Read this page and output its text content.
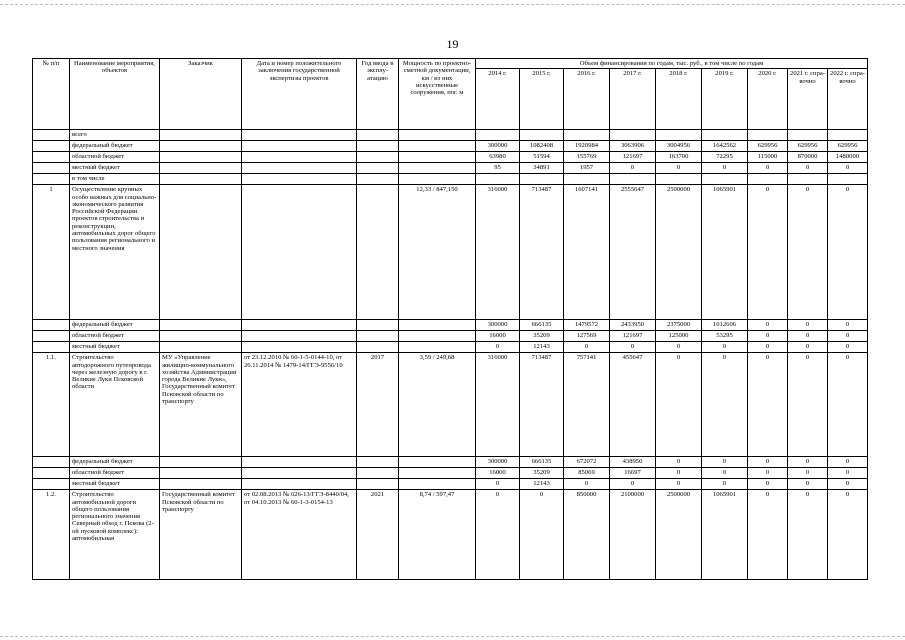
19
№ п/п	Наименование мероприятия, объектов	Заказчик	Дата и номер положительного заключения государственной экспертизы проектов	Год ввода в эксплу-атацию	Мощность по проектно-сметной документации, км / из них искусственные сооружения, пог. м	Объем финансирования по годам, тыс. руб., в том числе по годам								
						2014 г.	2015 г.	2016 г.	2017 г.	2018 г.	2019 г.	2020 г.	2021 г. спра-вочно	2022 г. спра-вочно
	всего													
	федеральный бюджет					300000	1082408	1920984	3063906	3004956	1642562	629956	629956	629956
	областной бюджет					63980	51594	155769	121697	163700	72295	115000	870000	1480000
	местный бюджет					95	34891	1957	0	0	0	0	0	0
	в том числе													
1	Осуществление крупных особо важных для социально-экономического развития Российской Федерации проектов строительства и реконструкции, автомобильных дорог общего пользования регионального и местного значения				12,33 / 847,150	316000	713487	1607141	2555647	2500000	1065901	0	0	0
	федеральный бюджет					300000	666135	1479572	2433950	2375000	1012606	0	0	0
	областной бюджет					16000	35209	127569	121697	125000	53295	0	0	0
	местный бюджет					0	12143	0	0	0	0	0	0	0
1.1.	Строительство автодорожного путепровода через железную дорогу в г. Великие Луки Псковской области	МУ «Управление жилищно-коммунального хозяйства Администрации города Великие Луки», Государственный комитет Псковской области по транспорту	от 23.12.2010 № 60-1-5-0144-10, от 26.11.2014 № 1479-14/ГГЭ-9556/10	2017	3,59 / 249,68	316000	713487	757141	455647	0	0	0	0	0
	федеральный бюджет					300000	666135	672072	438950	0	0	0	0	0
	областной бюджет					16000	35209	85069	16697	0	0	0	0	0
	местный бюджет					0	12143	0	0	0	0	0	0	0
1.2.	Строительство автомобильной дороги общего пользования регионального значения Северный обход г. Пскова (2-ой пусковой комплекс): автомобильная	Государственный комитет Псковской области по транспорту	от 02.08.2013 № 626-13/ГГЭ-8440/04, от 04.10.2013 № 60-1-3-0154-13	2021	8,74 / 597,47	0	0	850000	2100000	2500000	1065901	0	0	0
